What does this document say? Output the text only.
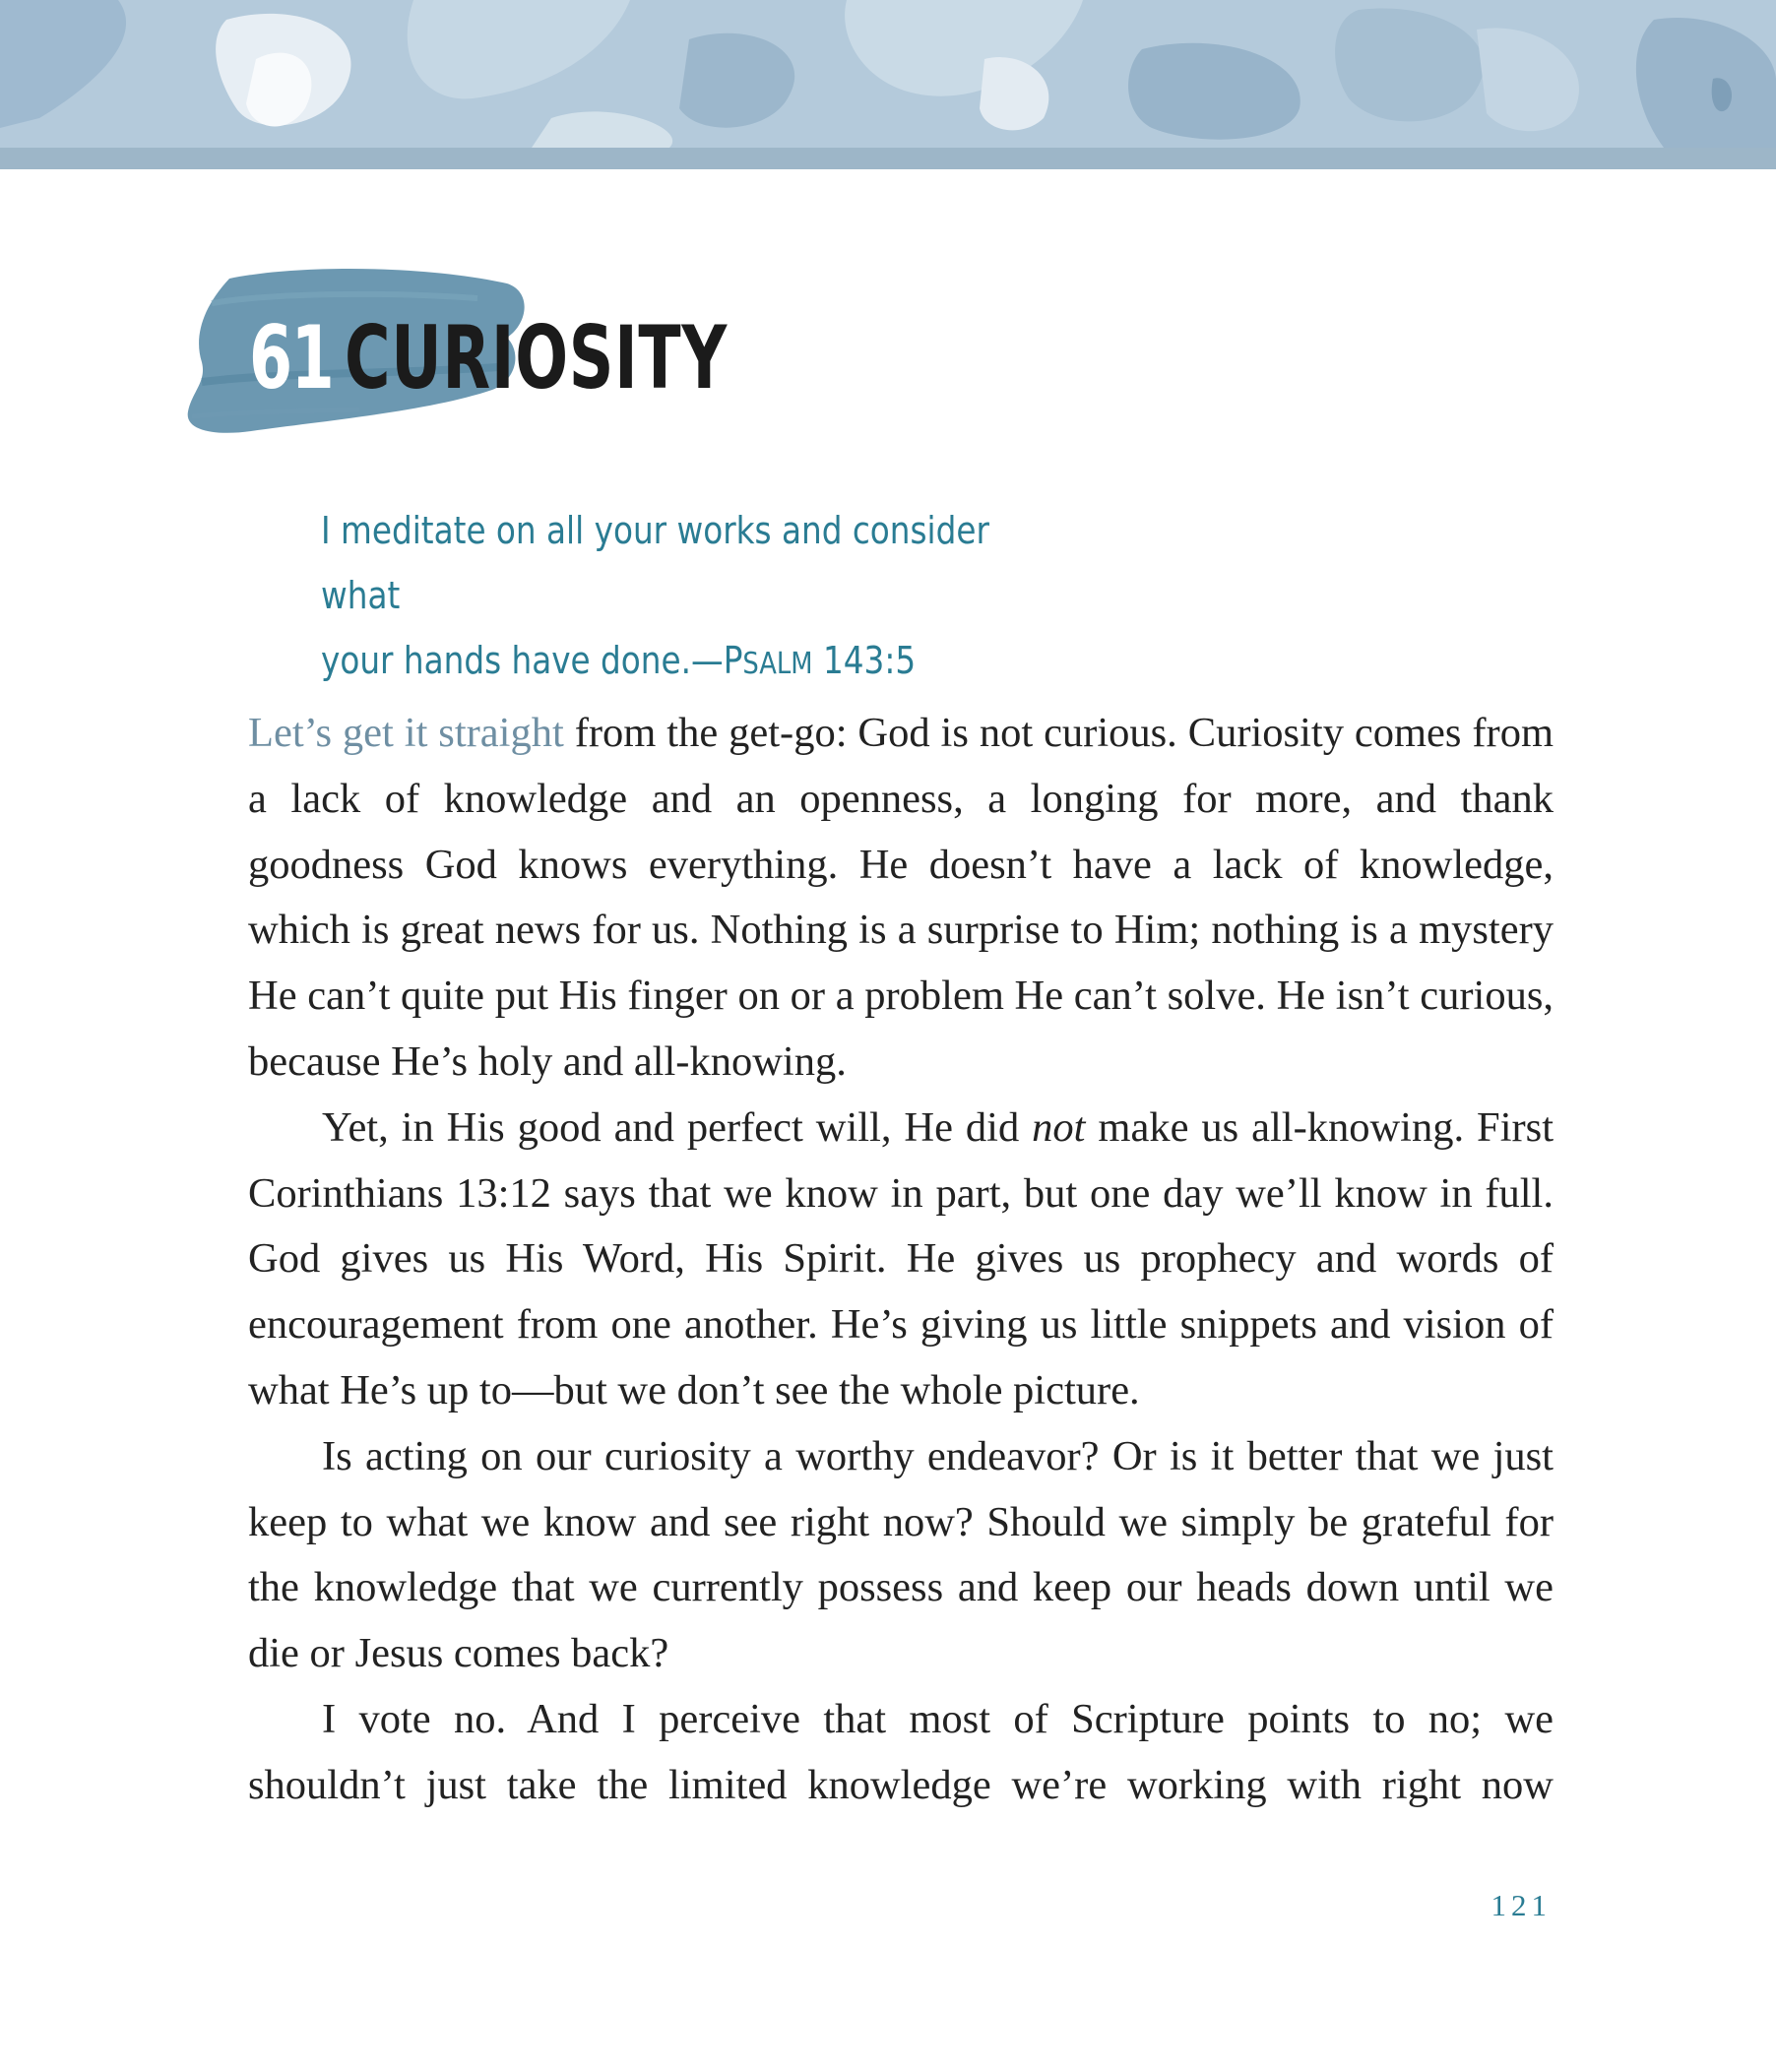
61 CURIOSITY
I meditate on all your works and consider what
your hands have done.—PSALM 143:5

Let’s get it straight from the get-go: God is not curious. Curiosity comes from a lack of knowledge and an openness, a longing for more, and thank goodness God knows everything. He doesn’t have a lack of knowledge, which is great news for us. Nothing is a surprise to Him; nothing is a mystery He can’t quite put His finger on or a problem He can’t solve. He isn’t curious, because He’s holy and all-knowing.

Yet, in His good and perfect will, He did not make us all-knowing. First Corinthians 13:12 says that we know in part, but one day we’ll know in full. God gives us His Word, His Spirit. He gives us prophecy and words of encouragement from one another. He’s giving us little snippets and vision of what He’s up to—but we don’t see the whole picture.

Is acting on our curiosity a worthy endeavor? Or is it better that we just keep to what we know and see right now? Should we simply be grateful for the knowledge that we currently possess and keep our heads down until we die or Jesus comes back?

I vote no. And I perceive that most of Scripture points to no; we shouldn’t just take the limited knowledge we’re working with right now

121
